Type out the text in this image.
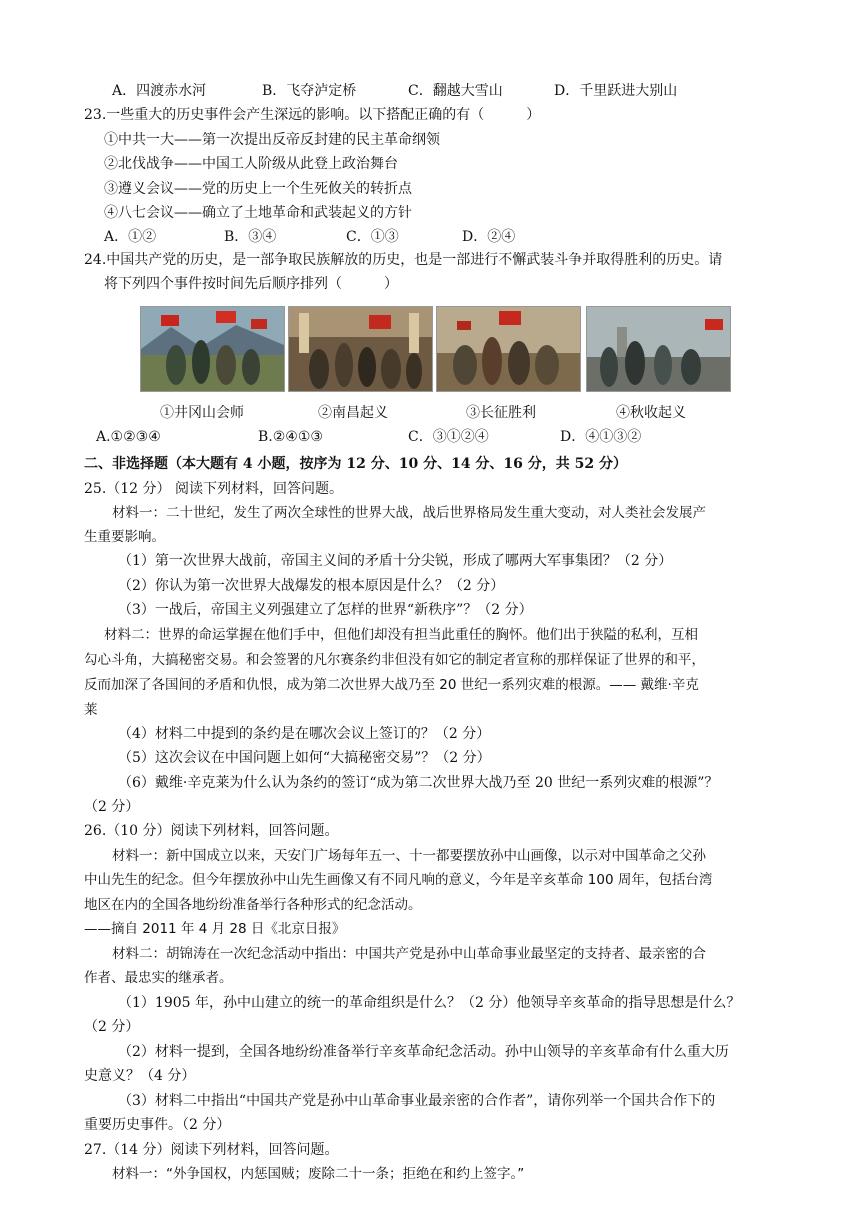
A．四渡赤水河	B．飞夺泸定桥	C．翻越大雪山	D．千里跃进大别山
23.一些重大的历史事件会产生深远的影响。以下搭配正确的有（　　　）
①中共一大——第一次提出反帝反封建的民主革命纲领
②北伐战争——中国工人阶级从此登上政治舞台
③遵义会议——党的历史上一个生死攸关的转折点
④八七会议——确立了土地革命和武装起义的方针
A．①②	B．③④	C．①③	D．②④
24.中国共产党的历史，是一部争取民族解放的历史，也是一部进行不懈武装斗争并取得胜利的历史。请
将下列四个事件按时间先后顺序排列（　　　）
①井冈山会师	②南昌起义	③长征胜利	④秋收起义
A.①②③④	B.②④①③	C．③①②④	D．④①③②
二、非选择题（本大题有 4 小题，按序为 12 分、10 分、14 分、16 分，共 52 分）
25.（12 分） 阅读下列材料，回答问题。
材料一：二十世纪，发生了两次全球性的世界大战，战后世界格局发生重大变动，对人类社会发展产
生重要影响。
（1）第一次世界大战前，帝国主义间的矛盾十分尖锐，形成了哪两大军事集团？（2 分）
（2）你认为第一次世界大战爆发的根本原因是什么？（2 分）
（3）一战后，帝国主义列强建立了怎样的世界“新秩序”？（2 分）
材料二：世界的命运掌握在他们手中，但他们却没有担当此重任的胸怀。他们出于狭隘的私利，互相
勾心斗角，大搞秘密交易。和会签署的凡尔赛条约非但没有如它的制定者宣称的那样保证了世界的和平，
反而加深了各国间的矛盾和仇恨，成为第二次世界大战乃至 20 世纪一系列灾难的根源。—— 戴维·辛克
莱
（4）材料二中提到的条约是在哪次会议上签订的？（2 分）
（5）这次会议在中国问题上如何“大搞秘密交易”？（2 分）
（6）戴维·辛克莱为什么认为条约的签订“成为第二次世界大战乃至 20 世纪一系列灾难的根源”？
（2 分）
26.（10 分）阅读下列材料，回答问题。
材料一：新中国成立以来，天安门广场每年五一、十一都要摆放孙中山画像，以示对中国革命之父孙
中山先生的纪念。但今年摆放孙中山先生画像又有不同凡响的意义，今年是辛亥革命 100 周年，包括台湾
地区在内的全国各地纷纷准备举行各种形式的纪念活动。
——摘自 2011 年 4 月 28 日《北京日报》
材料二：胡锦涛在一次纪念活动中指出：中国共产党是孙中山革命事业最坚定的支持者、最亲密的合
作者、最忠实的继承者。
（1）1905 年，孙中山建立的统一的革命组织是什么？（2 分）他领导辛亥革命的指导思想是什么？
（2 分）
（2）材料一提到，全国各地纷纷准备举行辛亥革命纪念活动。孙中山领导的辛亥革命有什么重大历
史意义？（4 分）
（3）材料二中指出“中国共产党是孙中山革命事业最亲密的合作者”，请你列举一个国共合作下的
重要历史事件。（2 分）
27.（14 分）阅读下列材料，回答问题。
材料一：“外争国权，内惩国贼；废除二十一条；拒绝在和约上签字。”
